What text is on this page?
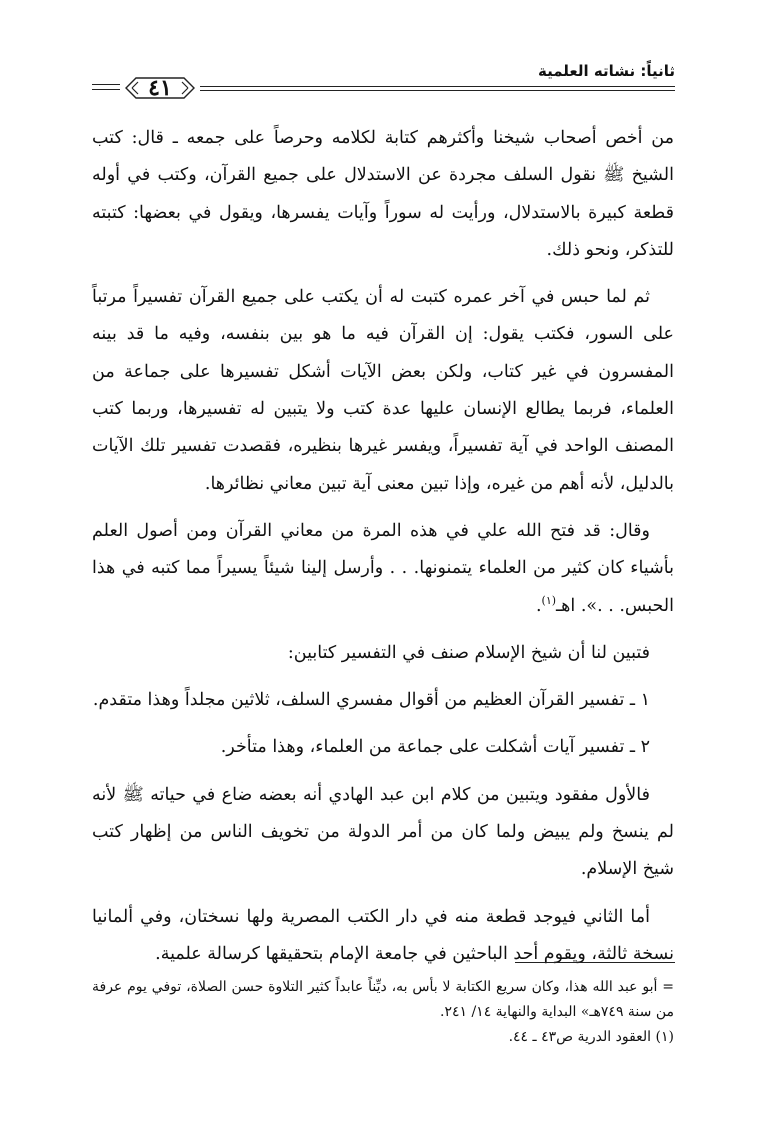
ثانياً: نشاته العلمية
٤١

من أخص أصحاب شيخنا وأكثرهم كتابة لكلامه وحرصاً على جمعه ـ قال: كتب الشيخ ﷺ نقول السلف مجردة عن الاستدلال على جميع القرآن، وكتب في أوله قطعة كبيرة بالاستدلال، ورأيت له سوراً وآيات يفسرها، ويقول في بعضها: كتبته للتذكر، ونحو ذلك.

ثم لما حبس في آخر عمره كتبت له أن يكتب على جميع القرآن تفسيراً مرتباً على السور، فكتب يقول: إن القرآن فيه ما هو بين بنفسه، وفيه ما قد بينه المفسرون في غير كتاب، ولكن بعض الآيات أشكل تفسيرها على جماعة من العلماء، فربما يطالع الإنسان عليها عدة كتب ولا يتبين له تفسيرها، وربما كتب المصنف الواحد في آية تفسيراً، ويفسر غيرها بنظيره، فقصدت تفسير تلك الآيات بالدليل، لأنه أهم من غيره، وإذا تبين معنى آية تبين معاني نظائرها.

وقال: قد فتح الله علي في هذه المرة من معاني القرآن ومن أصول العلم بأشياء كان كثير من العلماء يتمنونها. . . وأرسل إلينا شيئاً يسيراً مما كتبه في هذا الحبس. . .». اهـ$^{(١)}$.

فتبين لنا أن شيخ الإسلام صنف في التفسير كتابين:

١ ـ تفسير القرآن العظيم من أقوال مفسري السلف، ثلاثين مجلداً وهذا متقدم.

٢ ـ تفسير آيات أشكلت على جماعة من العلماء، وهذا متأخر.

فالأول مفقود ويتبين من كلام ابن عبد الهادي أنه بعضه ضاع في حياته ﷺ لأنه لم ينسخ ولم يبيض ولما كان من أمر الدولة من تخويف الناس من إظهار كتب شيخ الإسلام.

أما الثاني فيوجد قطعة منه في دار الكتب المصرية ولها نسختان، وفي ألمانيا نسخة ثالثة، ويقوم أحد الباحثين في جامعة الإمام بتحقيقها كرسالة علمية.

= أبو عبد الله هذا، وكان سريع الكتابة لا بأس به، ديِّناً عابداً كثير التلاوة حسن الصلاة، توفي يوم عرفة من سنة ٧٤٩هـ» البداية والنهاية ١٤/ ٢٤١.

(١) العقود الدرية ص٤٣ ـ ٤٤.
